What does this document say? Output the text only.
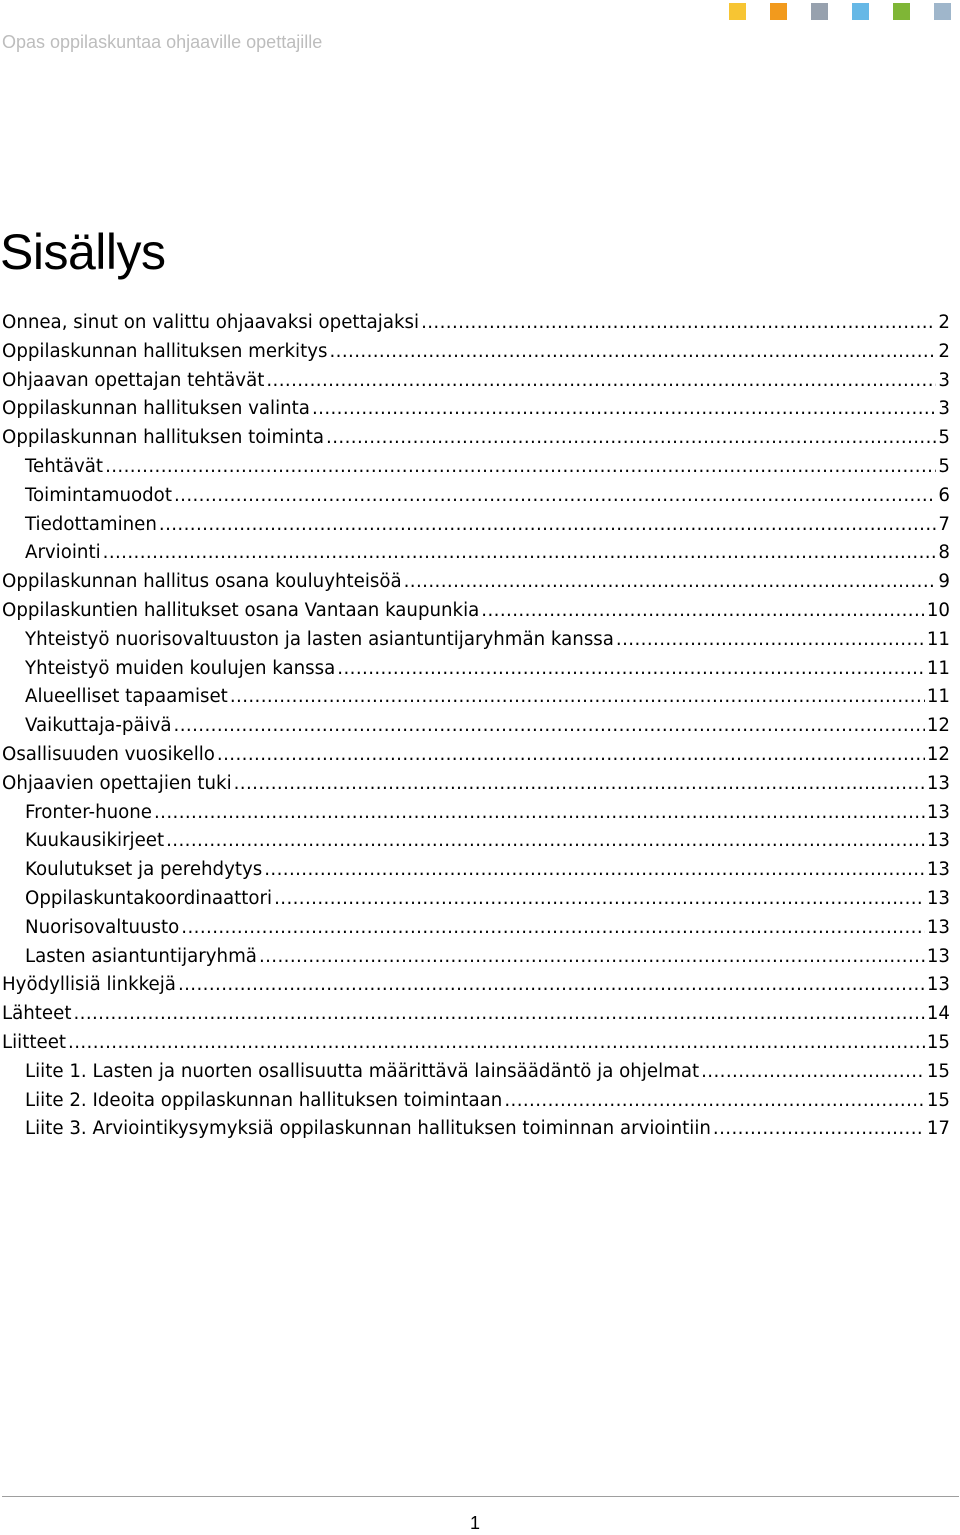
Opas oppilaskuntaa ohjaaville opettajille
Sisällys
Onnea, sinut on valittu ohjaavaksi opettajaksi .....	2
Oppilaskunnan hallituksen merkitys .....	2
Ohjaavan opettajan tehtävät .....	3
Oppilaskunnan hallituksen valinta .....	3
Oppilaskunnan hallituksen toiminta .....	5
Tehtävät .....	5
Toimintamuodot .....	6
Tiedottaminen .....	7
Arviointi .....	8
Oppilaskunnan hallitus osana kouluyhteisöä .....	9
Oppilaskuntien hallitukset osana Vantaan kaupunkia .....	10
Yhteistyö nuorisovaltuuston ja lasten asiantuntijaryhmän kanssa .....	11
Yhteistyö muiden koulujen kanssa .....	11
Alueelliset tapaamiset .....	11
Vaikuttaja-päivä .....	12
Osallisuuden vuosikello .....	12
Ohjaavien opettajien tuki .....	13
Fronter-huone .....	13
Kuukausikirjeet .....	13
Koulutukset ja perehdytys .....	13
Oppilaskuntakoordinaattori .....	13
Nuorisovaltuusto .....	13
Lasten asiantuntijaryhmä .....	13
Hyödyllisiä linkkejä .....	13
Lähteet .....	14
Liitteet .....	15
Liite 1. Lasten ja nuorten osallisuutta määrittävä lainsäädäntö ja ohjelmat .....	15
Liite 2. Ideoita oppilaskunnan hallituksen toimintaan .....	15
Liite 3. Arviointikysymyksiä oppilaskunnan hallituksen toiminnan arviointiin .....	17
1
